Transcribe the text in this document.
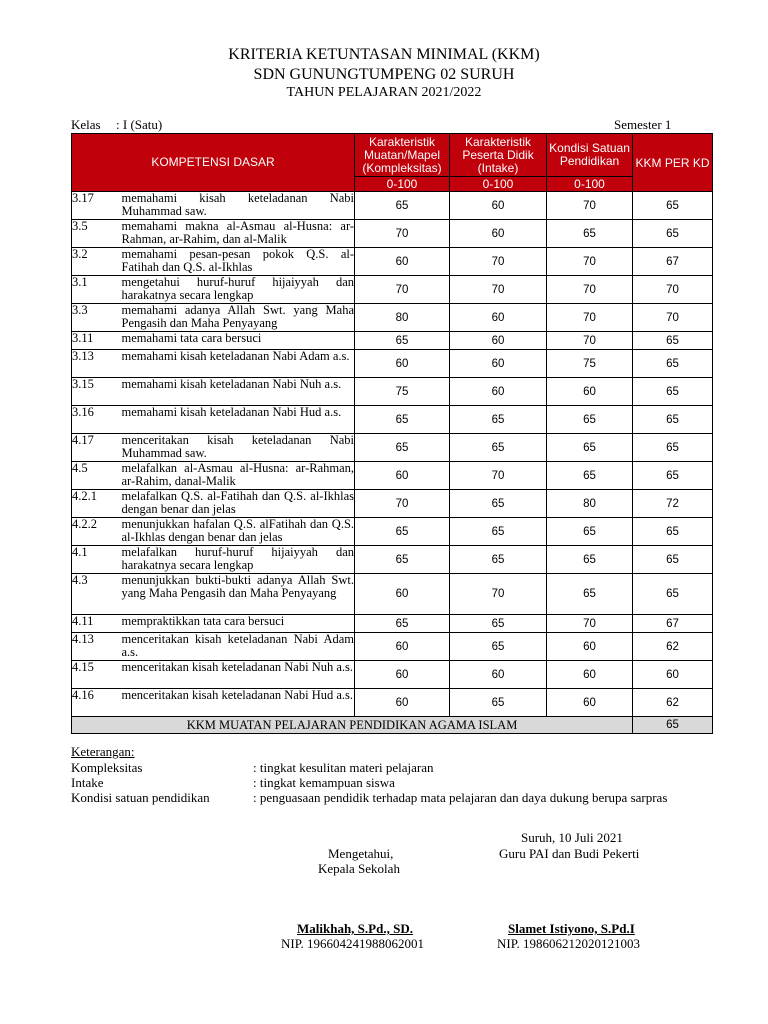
KRITERIA KETUNTASAN MINIMAL (KKM)
SDN GUNUNGTUMPENG 02 SURUH
TAHUN PELAJARAN 2021/2022
Kelas : I (Satu)	Semester 1
KOMPETENSI DASAR		Karakteristik Muatan/Mapel (Kompleksitas)	Karakteristik Peserta Didik (Intake)	Kondisi Satuan Pendidikan	KKM PER KD
		0-100	0-100	0-100	
3.17	memahami kisah keteladanan Nabi Muhammad saw.	65	60	70	65
3.5	memahami makna al-Asmau al-Husna: ar-Rahman, ar-Rahim, dan al-Malik	70	60	65	65
3.2	memahami pesan-pesan pokok Q.S. al-Fatihah dan Q.S. al-Ikhlas	60	70	70	67
3.1	mengetahui huruf-huruf hijaiyyah dan harakatnya secara lengkap	70	70	70	70
3.3	memahami adanya Allah Swt. yang Maha Pengasih dan Maha Penyayang	80	60	70	70
3.11	memahami tata cara bersuci	65	60	70	65
3.13	memahami kisah keteladanan Nabi Adam a.s.	60	60	75	65
3.15	memahami kisah keteladanan Nabi Nuh a.s.	75	60	60	65
3.16	memahami kisah keteladanan Nabi Hud a.s.	65	65	65	65
4.17	menceritakan kisah keteladanan Nabi Muhammad saw.	65	65	65	65
4.5	melafalkan al-Asmau al-Husna: ar-Rahman, ar-Rahim, danal-Malik	60	70	65	65
4.2.1	melafalkan Q.S. al-Fatihah dan Q.S. al-Ikhlas dengan benar dan jelas	70	65	80	72
4.2.2	menunjukkan hafalan Q.S. alFatihah dan Q.S. al-Ikhlas dengan benar dan jelas	65	65	65	65
4.1	melafalkan huruf-huruf hijaiyyah dan harakatnya secara lengkap	65	65	65	65
4.3	menunjukkan bukti-bukti adanya Allah Swt. yang Maha Pengasih dan Maha Penyayang	60	70	65	65
4.11	mempraktikkan tata cara bersuci	65	65	70	67
4.13	menceritakan kisah keteladanan Nabi Adam a.s.	60	65	60	62
4.15	menceritakan kisah keteladanan Nabi Nuh a.s.	60	60	60	60
4.16	menceritakan kisah keteladanan Nabi Hud a.s.	60	65	60	62
KKM MUATAN PELAJARAN PENDIDIKAN AGAMA ISLAM					65
Keterangan:
Kompleksitas	: tingkat kesulitan materi pelajaran
Intake	: tingkat kemampuan siswa
Kondisi satuan pendidikan	: penguasaan pendidik terhadap mata pelajaran dan daya dukung berupa sarpras
Suruh, 10 Juli 2021
Mengetahui,	Guru PAI dan Budi Pekerti
Kepala Sekolah
Malikhah, S.Pd., SD.	Slamet Istiyono, S.Pd.I
NIP. 196604241988062001	NIP. 198606212020121003
